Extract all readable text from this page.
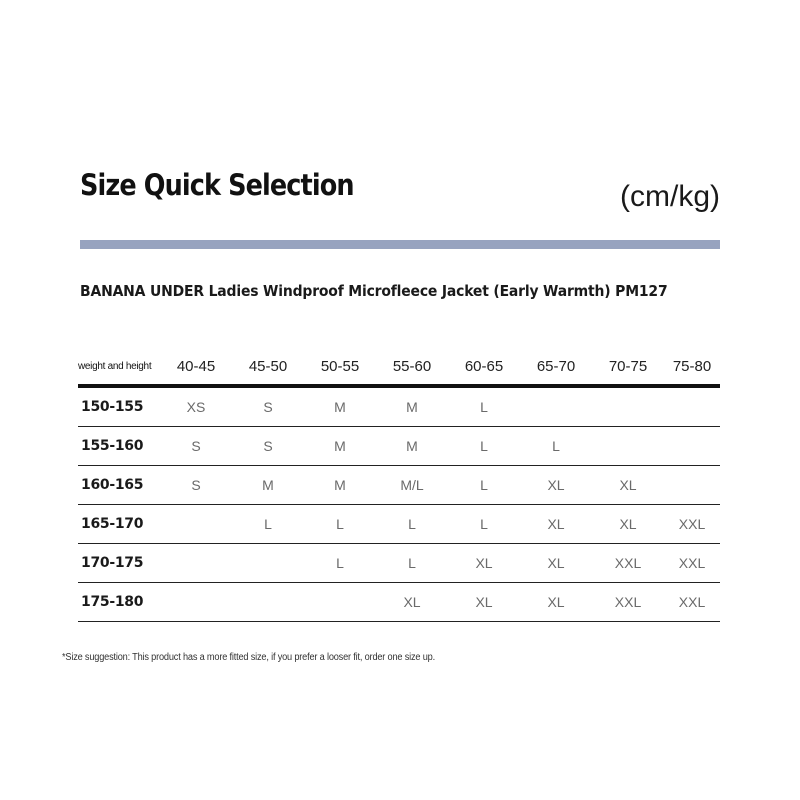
Size Quick Selection	(cm/kg)
BANANA UNDER Ladies Windproof Microfleece Jacket (Early Warmth) PM127
weight and height	40-45	45-50	50-55	55-60	60-65	65-70	70-75	75-80
150-155	XS	S	M	M	L			
155-160	S	S	M	M	L	L		
160-165	S	M	M	M/L	L	XL	XL	
165-170		L	L	L	L	XL	XL	XXL
170-175			L	L	XL	XL	XXL	XXL
175-180				XL	XL	XL	XXL	XXL
*Size suggestion: This product has a more fitted size, if you prefer a looser fit, order one size up.
